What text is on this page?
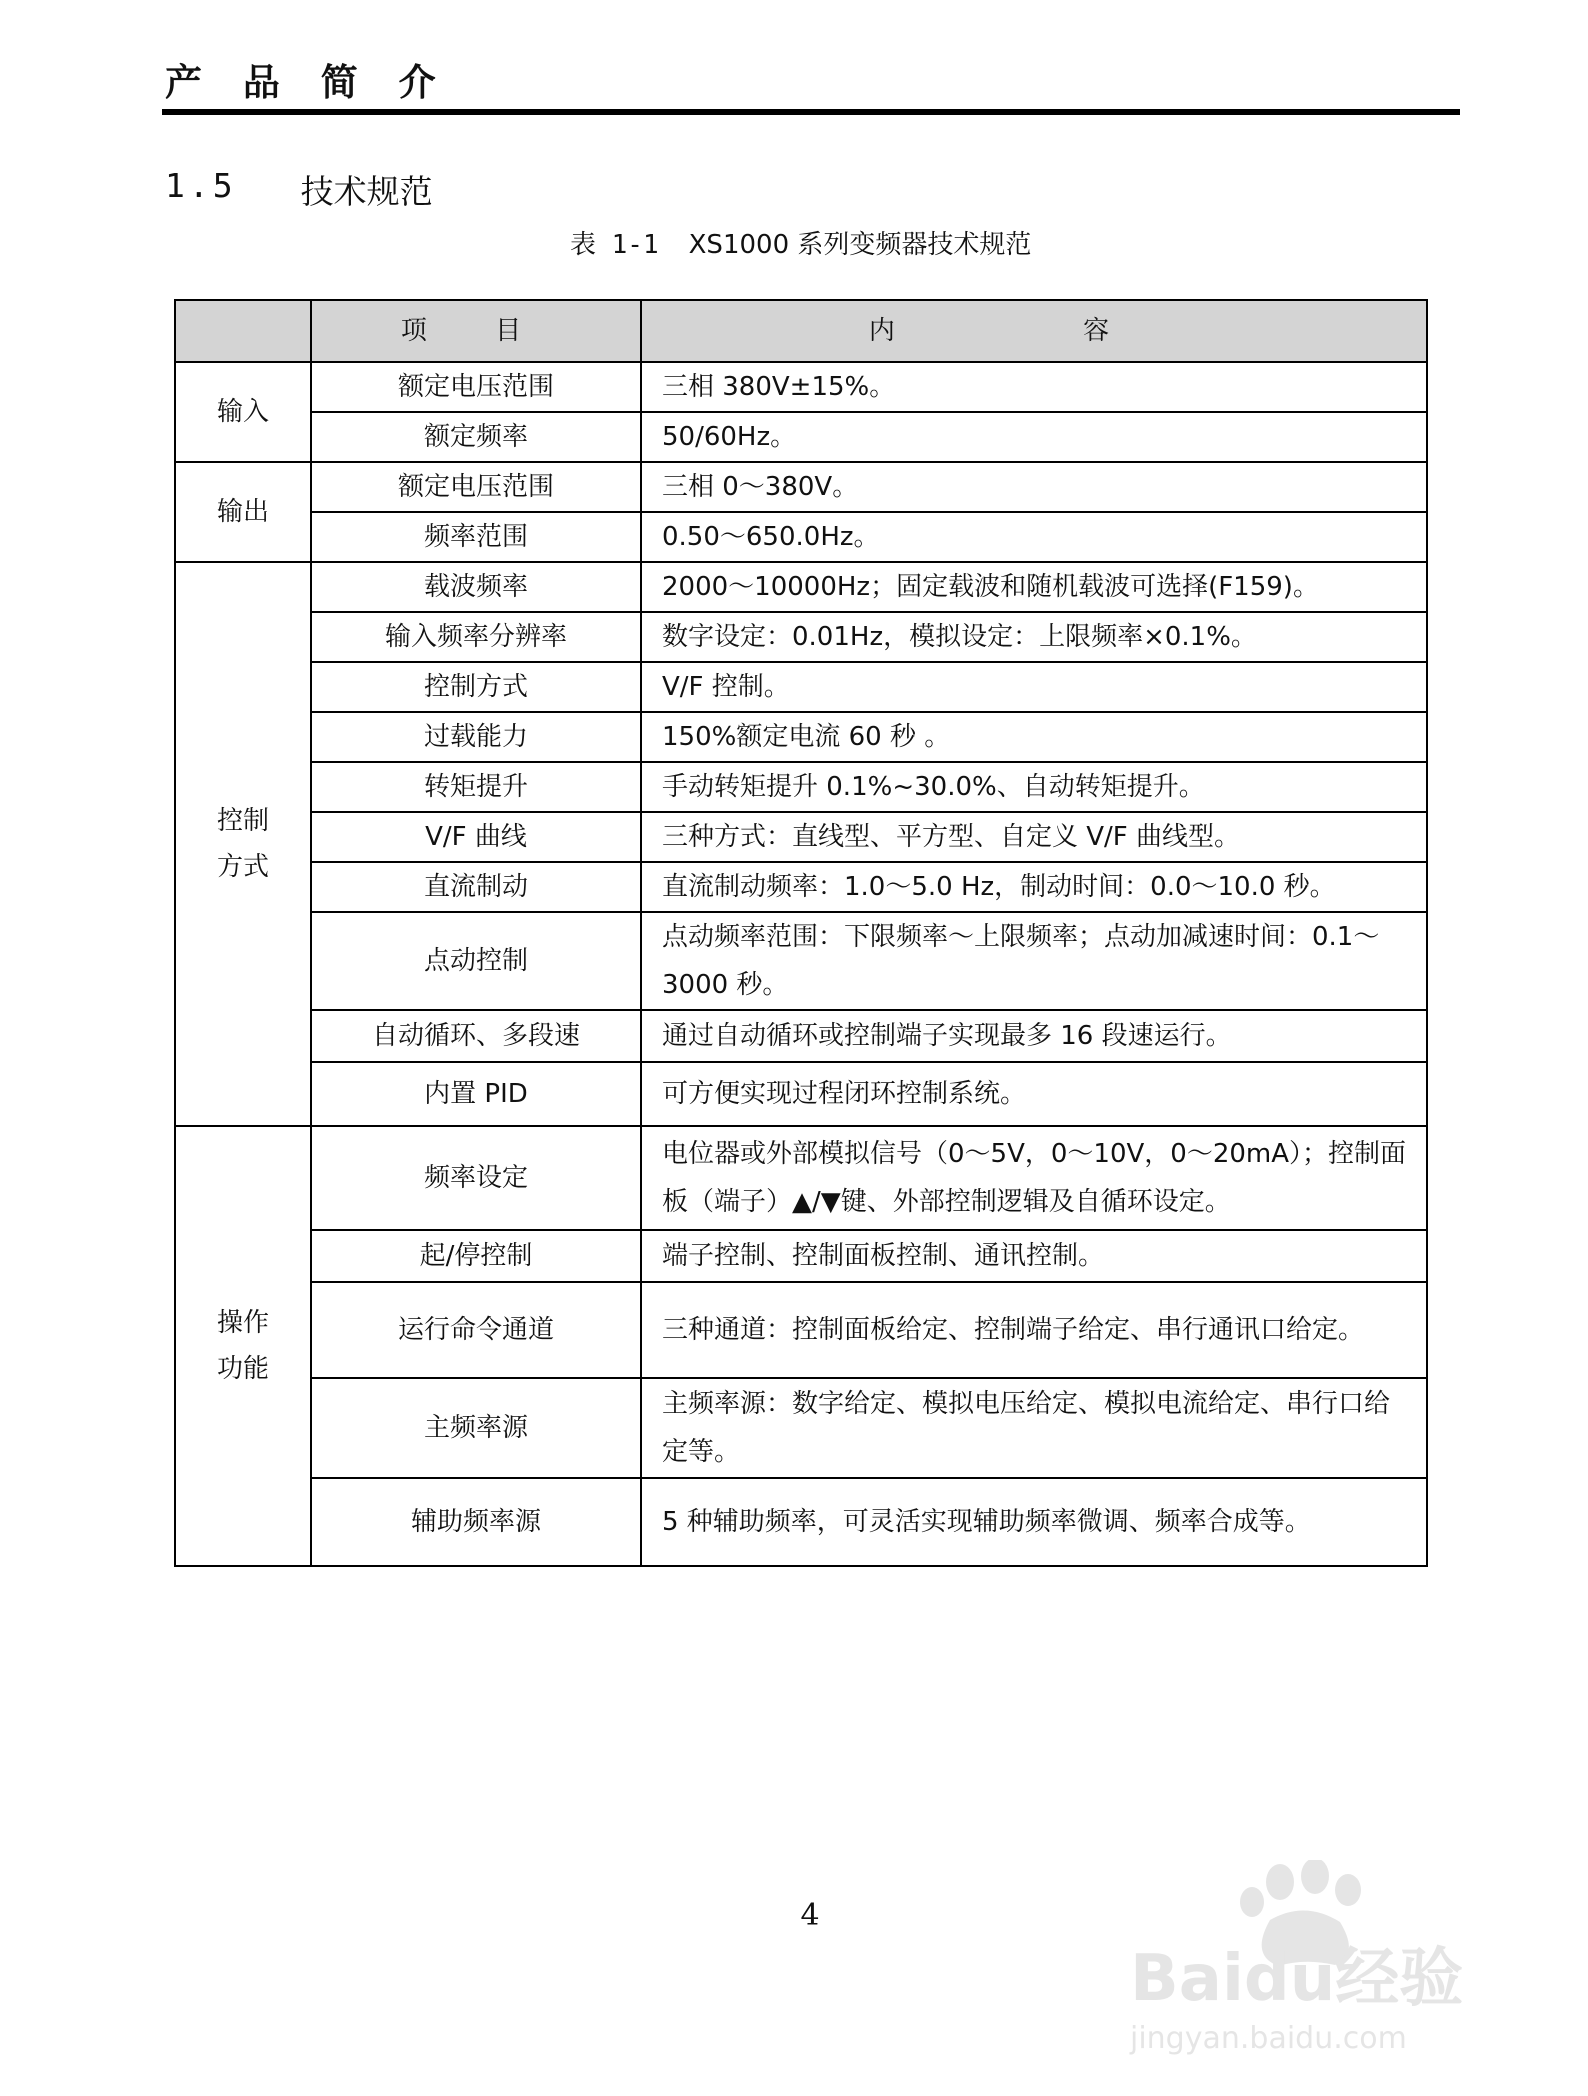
产 品 简 介
1.5 技术规范
表 1-1 XS1000 系列变频器技术规范
	项 目	内 容
输入	额定电压范围	三相 380V±15%。
	额定频率	50/60Hz。
输出	额定电压范围	三相 0～380V。
	频率范围	0.50～650.0Hz。

控制方式	载波频率	2000～10000Hz；固定载波和随机载波可选择(F159)。
	输入频率分辨率	数字设定：0.01Hz，模拟设定：上限频率×0.1%。
	控制方式	V/F 控制。
	过载能力	150%额定电流 60 秒 。
	转矩提升	手动转矩提升 0.1%~30.0%、自动转矩提升。
	V/F 曲线	三种方式：直线型、平方型、自定义 V/F 曲线型。
	直流制动	直流制动频率：1.0～5.0 Hz，制动时间：0.0～10.0 秒。
	点动控制	点动频率范围：下限频率～上限频率；点动加减速时间：0.1～3000 秒。
	自动循环、多段速	通过自动循环或控制端子实现最多 16 段速运行。
	内置 PID	可方便实现过程闭环控制系统。

操作功能	频率设定	电位器或外部模拟信号（0～5V，0～10V，0～20mA）；控制面板（端子）▲/▼键、外部控制逻辑及自循环设定。
	起/停控制	端子控制、控制面板控制、通讯控制。
	运行命令通道	三种通道：控制面板给定、控制端子给定、串行通讯口给定。
	主频率源	主频率源：数字给定、模拟电压给定、模拟电流给定、串行口给定等。
	辅助频率源	5 种辅助频率，可灵活实现辅助频率微调、频率合成等。
4
Baidu经验
jingyan.baidu.com
